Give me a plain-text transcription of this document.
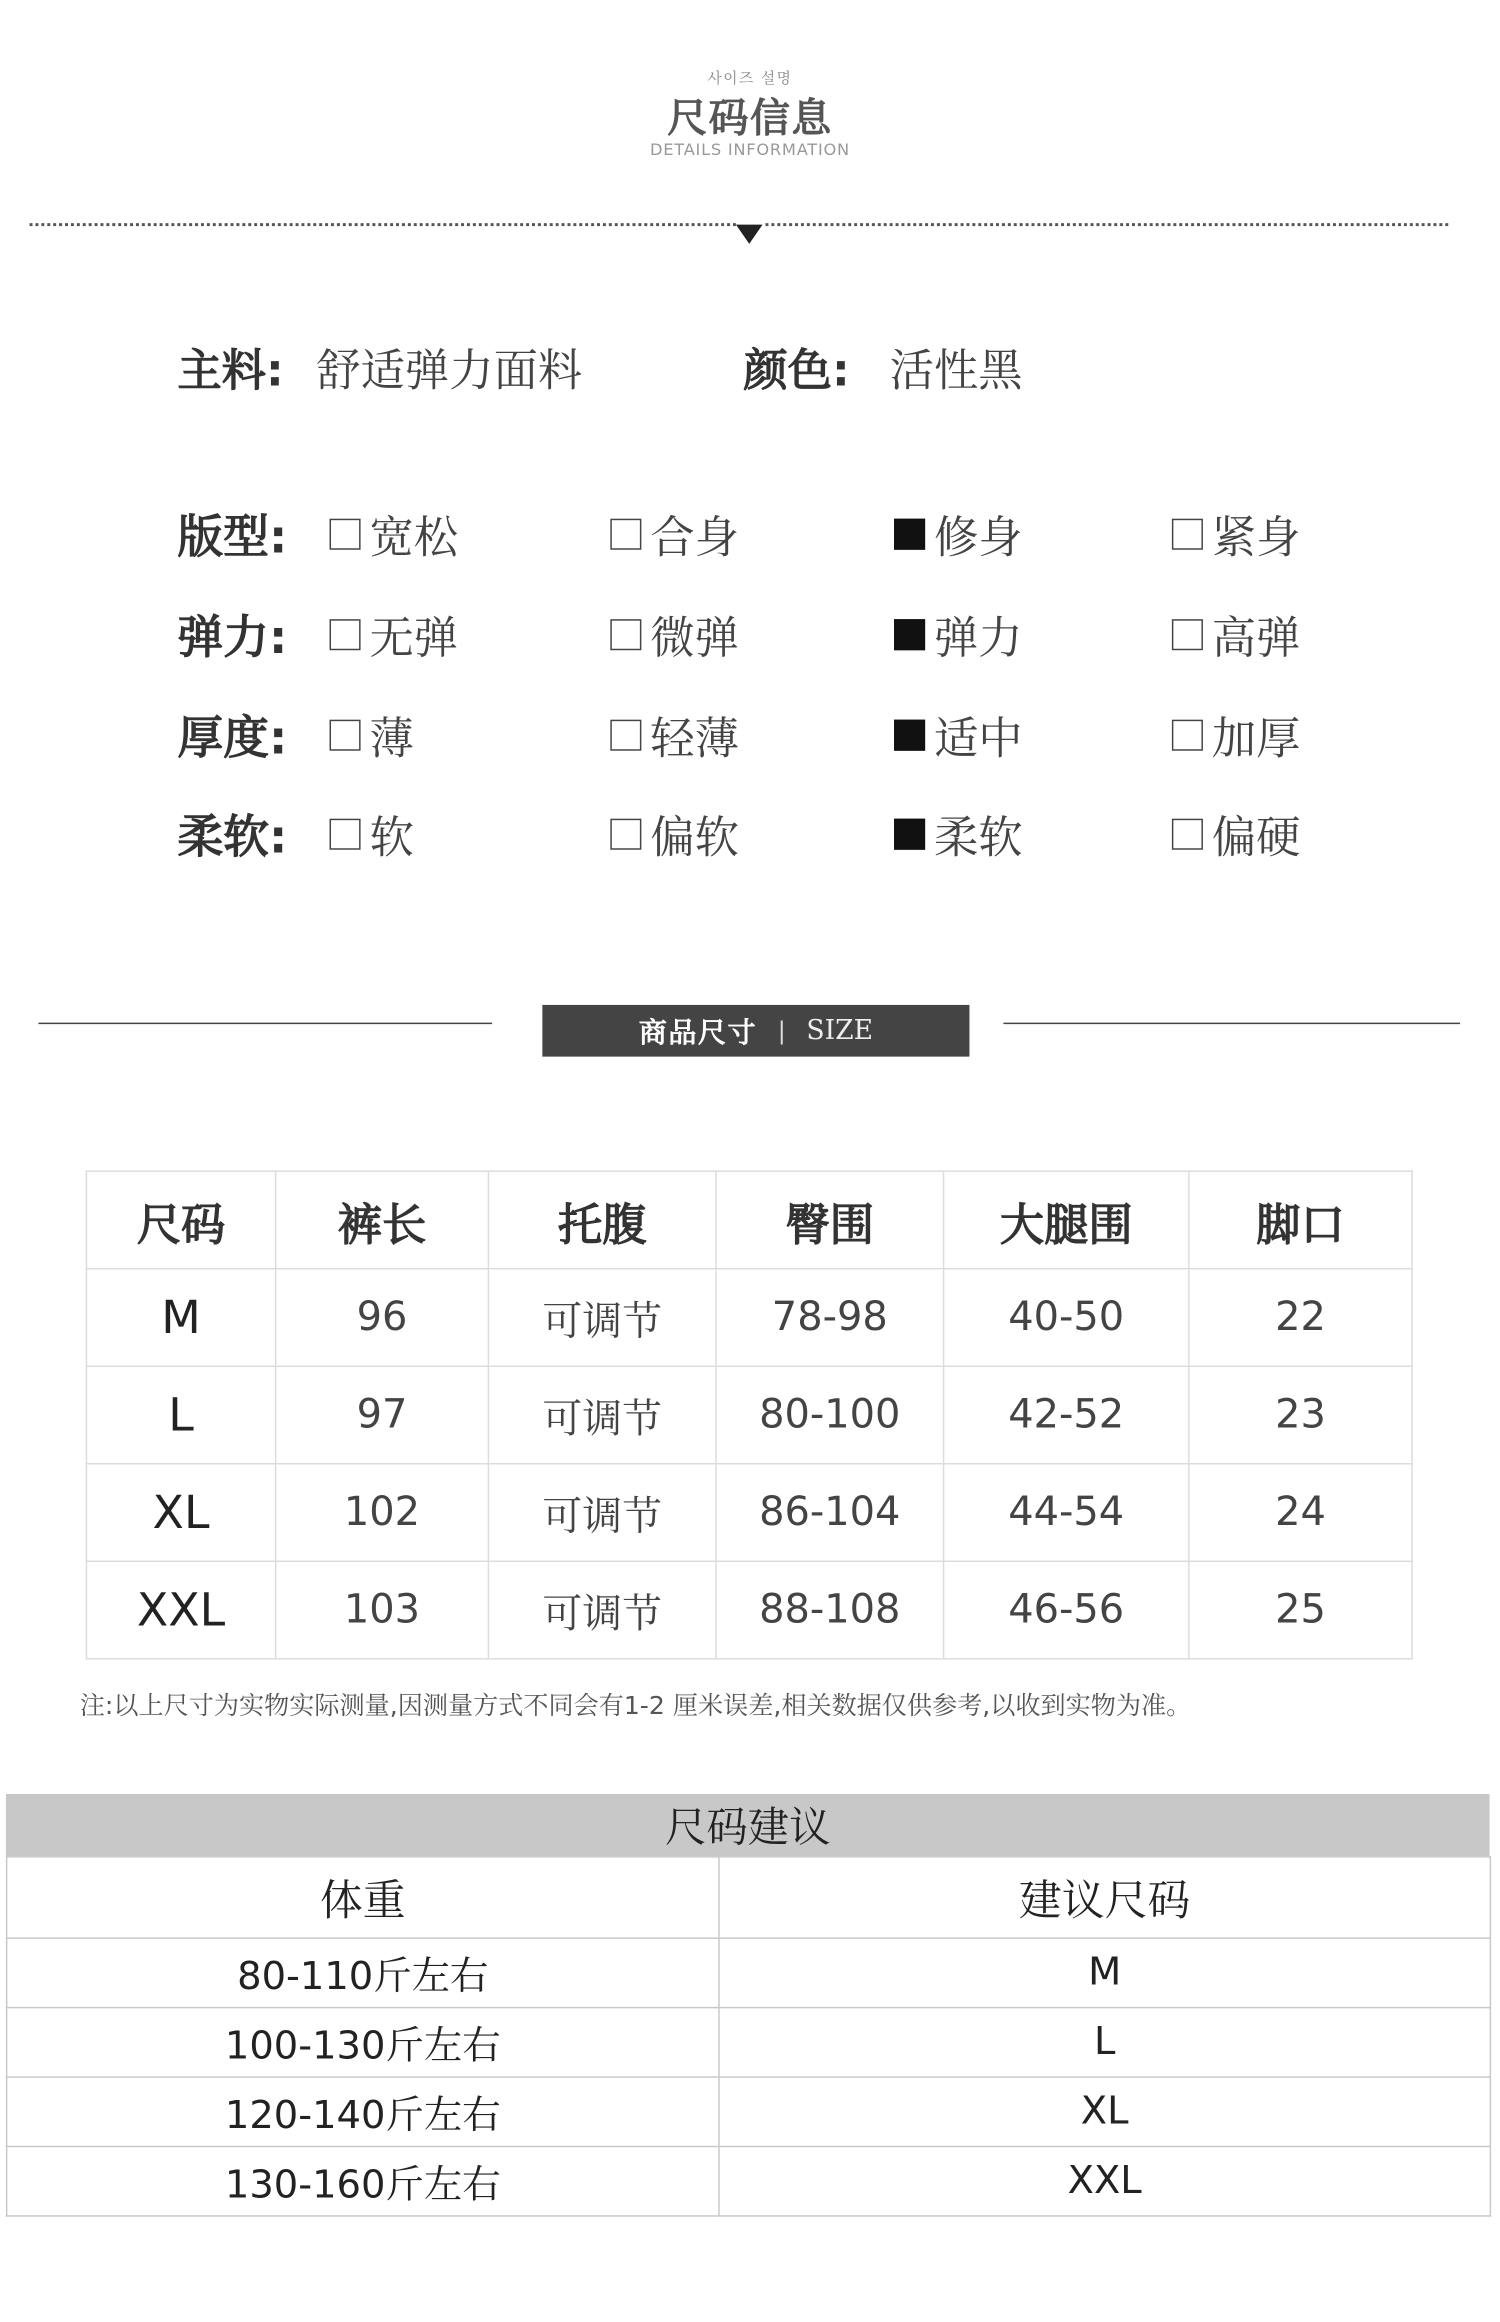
사이즈 설명
尺码信息
DETAILS INFORMATION
主料: 舒适弹力面料	颜色: 活性黑
版型:	宽松	合身	修身	紧身
弹力:	无弹	微弹	弹力	高弹
厚度:	薄	轻薄	适中	加厚
柔软:	软	偏软	柔软	偏硬
商品尺寸 | SIZE
尺码	裤长	托腹	臀围	大腿围	脚口
M	96	可调节	78-98	40-50	22
L	97	可调节	80-100	42-52	23
XL	102	可调节	86-104	44-54	24
XXL	103	可调节	88-108	46-56	25
注:以上尺寸为实物实际测量,因测量方式不同会有1-2 厘米误差,相关数据仅供参考,以收到实物为准。
尺码建议
体重	建议尺码
80-110斤左右	M
100-130斤左右	L
120-140斤左右	XL
130-160斤左右	XXL
